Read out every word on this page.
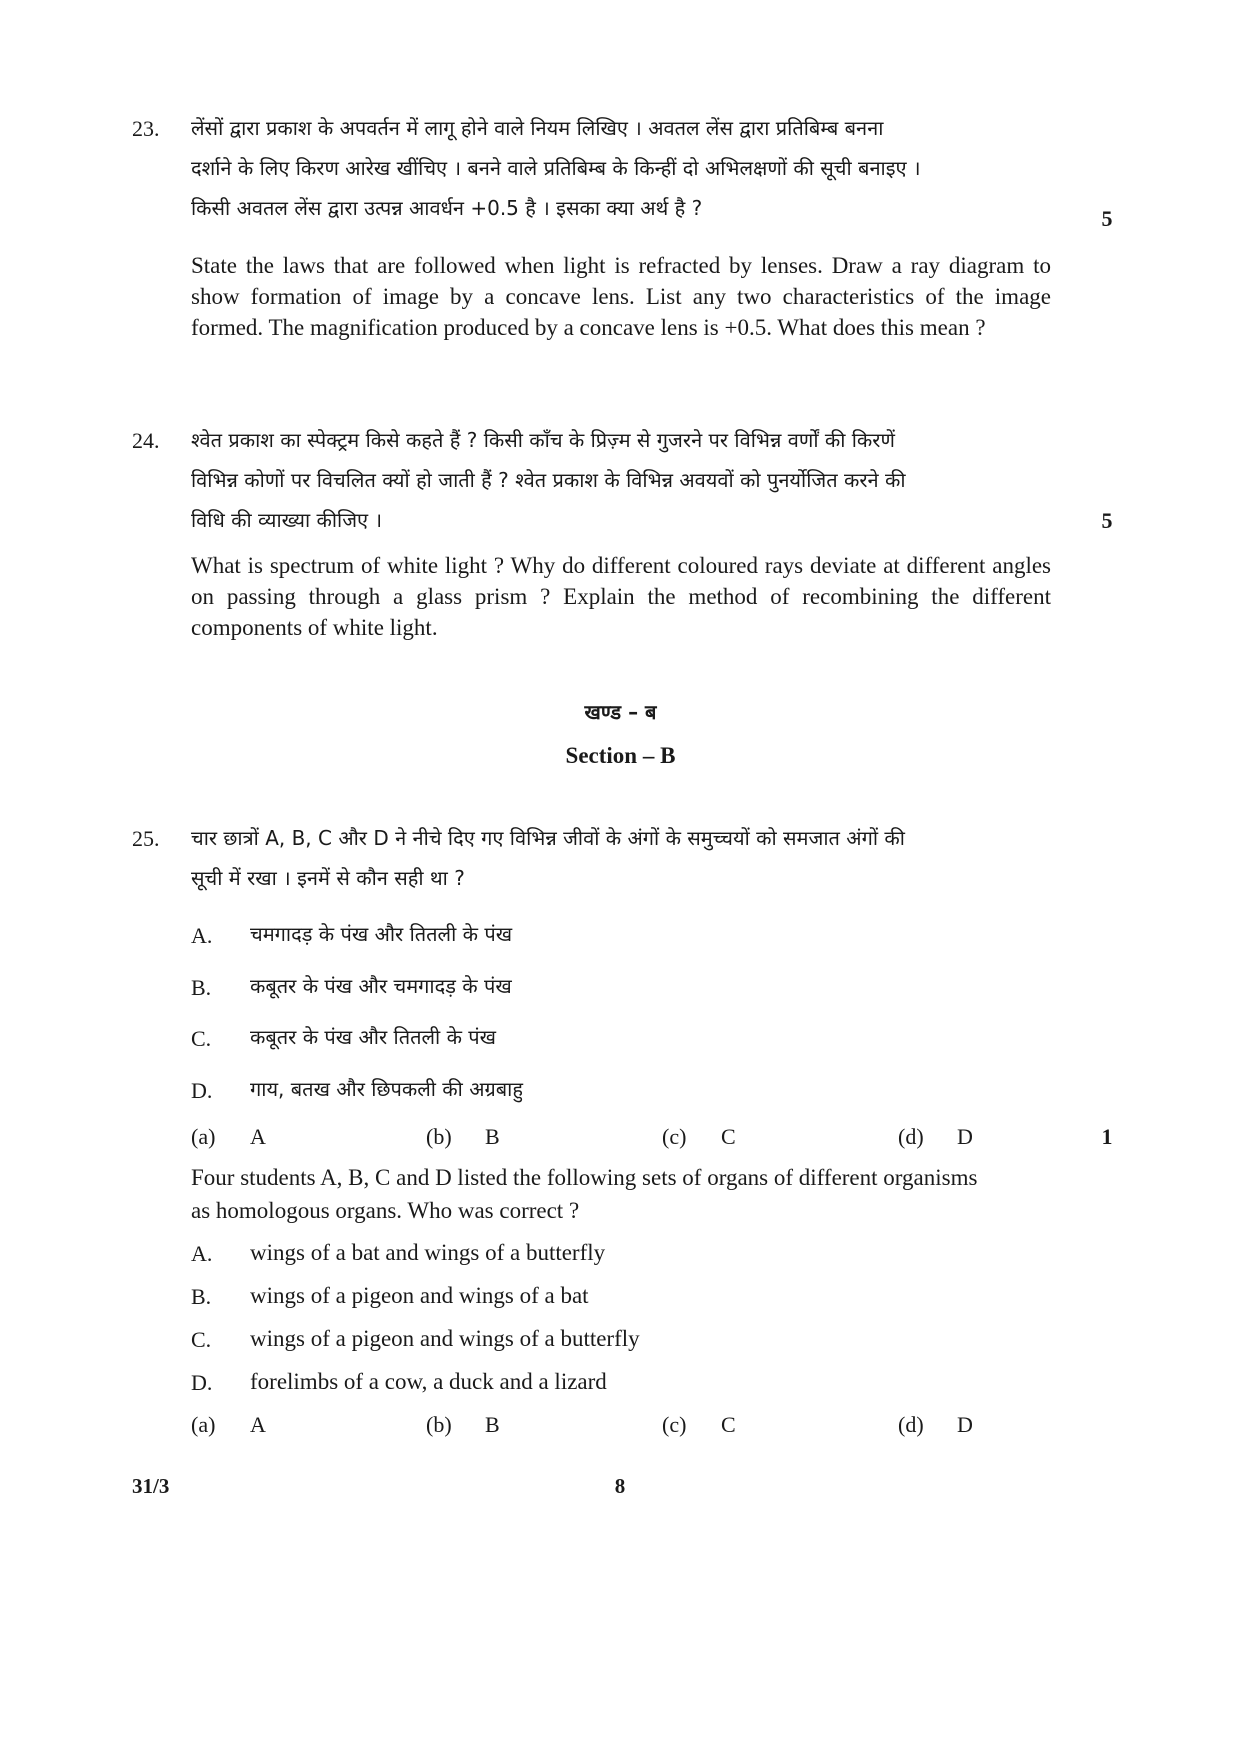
23.	लेंसों द्वारा प्रकाश के अपवर्तन में लागू होने वाले नियम लिखिए । अवतल लेंस द्वारा प्रतिबिम्ब बनना
दर्शाने के लिए किरण आरेख खींचिए । बनने वाले प्रतिबिम्ब के किन्हीं दो अभिलक्षणों की सूची बनाइए ।
किसी अवतल लेंस द्वारा उत्पन्न आवर्धन +0.5 है । इसका क्या अर्थ है ?	5
State the laws that are followed when light is refracted by lenses. Draw a ray diagram to show formation of image by a concave lens. List any two characteristics of the image formed. The magnification produced by a concave lens is +0.5. What does this mean ?
24.	श्वेत प्रकाश का स्पेक्ट्रम किसे कहते हैं ? किसी काँच के प्रिज़्म से गुजरने पर विभिन्न वर्णों की किरणें
विभिन्न कोणों पर विचलित क्यों हो जाती हैं ? श्वेत प्रकाश के विभिन्न अवयवों को पुनर्योजित करने की
विधि की व्याख्या कीजिए ।	5
What is spectrum of white light ? Why do different coloured rays deviate at different angles on passing through a glass prism ? Explain the method of recombining the different components of white light.
खण्ड – ब
Section – B
25.	चार छात्रों A, B, C और D ने नीचे दिए गए विभिन्न जीवों के अंगों के समुच्चयों को समजात अंगों की
सूची में रखा । इनमें से कौन सही था ?
A.	चमगादड़ के पंख और तितली के पंख
B.	कबूतर के पंख और चमगादड़ के पंख
C.	कबूतर के पंख और तितली के पंख
D.	गाय, बतख और छिपकली की अग्रबाहु
(a) A	(b) B	(c) C	(d) D	1
Four students A, B, C and D listed the following sets of organs of different organisms
as homologous organs. Who was correct ?
A.	wings of a bat and wings of a butterfly
B.	wings of a pigeon and wings of a bat
C.	wings of a pigeon and wings of a butterfly
D.	forelimbs of a cow, a duck and a lizard
(a) A	(b) B	(c) C	(d) D
31/3	8
